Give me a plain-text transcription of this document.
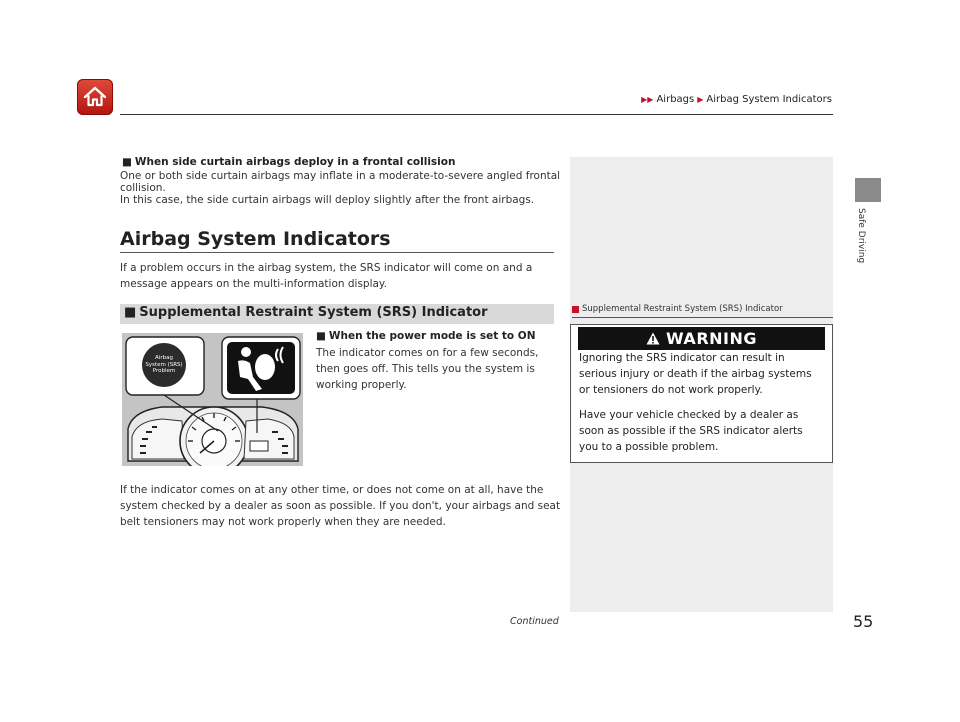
▶▶ Airbags ▶ Airbag System Indicators
Safe Driving
■ When side curtain airbags deploy in a frontal collision
One or both side curtain airbags may inflate in a moderate-to-severe angled frontal
collision.
In this case, the side curtain airbags will deploy slightly after the front airbags.
Airbag System Indicators
If a problem occurs in the airbag system, the SRS indicator will come on and a
message appears on the multi-information display.
■ Supplemental Restraint System (SRS) Indicator
Airbag
System (SRS)
Problem
■ When the power mode is set to ON
The indicator comes on for a few seconds,
then goes off. This tells you the system is
working properly.
If the indicator comes on at any other time, or does not come on at all, have the
system checked by a dealer as soon as possible. If you don't, your airbags and seat
belt tensioners may not work properly when they are needed.
Supplemental Restraint System (SRS) Indicator
WARNING
Ignoring the SRS indicator can result in
serious injury or death if the airbag systems
or tensioners do not work properly.
Have your vehicle checked by a dealer as
soon as possible if the SRS indicator alerts
you to a possible problem.
Continued	55
